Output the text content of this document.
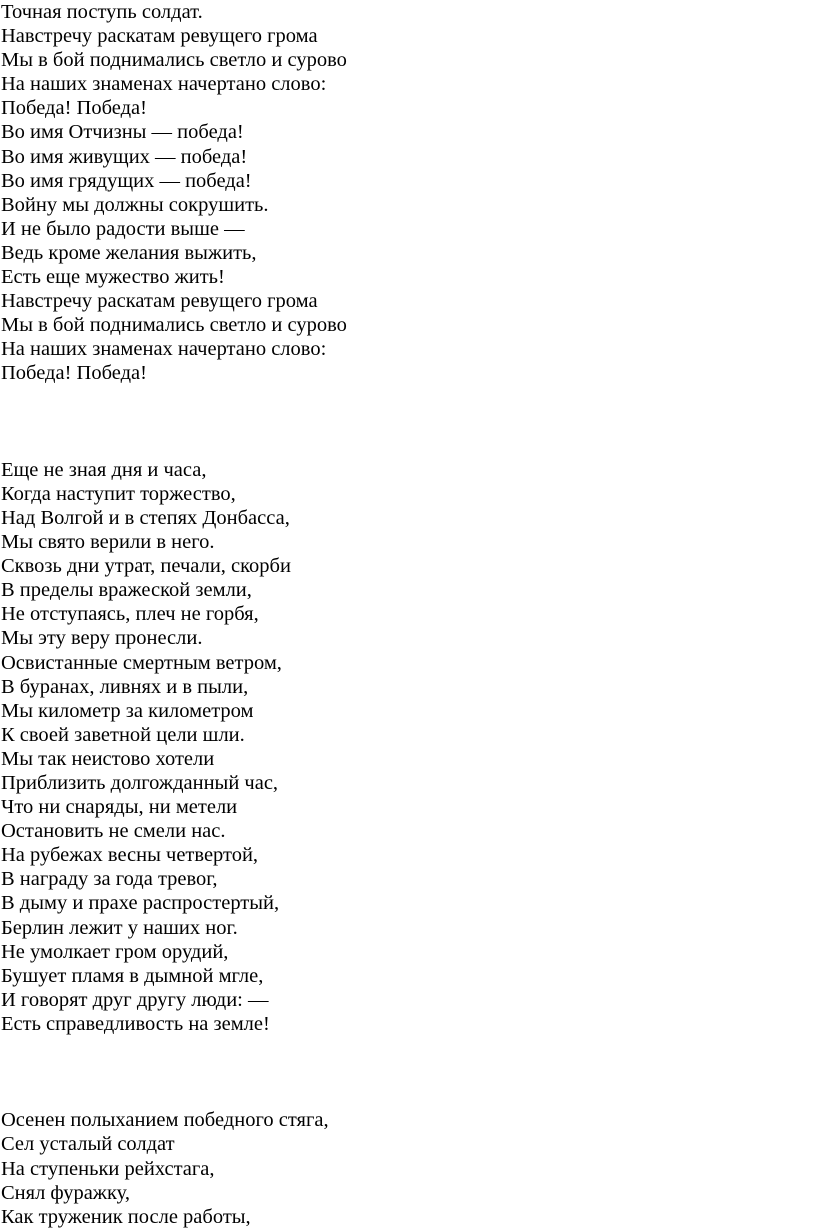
Точная поступь солдат.
Навстречу раскатам ревущего грома
Мы в бой поднимались светло и сурово
На наших знаменах начертано слово:
Победа! Победа!
Во имя Отчизны — победа!
Во имя живущих — победа!
Во имя грядущих — победа!
Войну мы должны сокрушить.
И не было радости выше —
Ведь кроме желания выжить,
Есть еще мужество жить!
Навстречу раскатам ревущего грома
Мы в бой поднимались светло и сурово
На наших знаменах начертано слово:
Победа! Победа!
Еще не зная дня и часа,
Когда наступит торжество,
Над Волгой и в степях Донбасса,
Мы свято верили в него.
Сквозь дни утрат, печали, скорби
В пределы вражеской земли,
Не отступаясь, плеч не горбя,
Мы эту веру пронесли.
Освистанные смертным ветром,
В буранах, ливнях и в пыли,
Мы километр за километром
К своей заветной цели шли.
Мы так неистово хотели
Приблизить долгожданный час,
Что ни снаряды, ни метели
Остановить не смели нас.
На рубежах весны четвертой,
В награду за года тревог,
В дыму и прахе распростертый,
Берлин лежит у наших ног.
Не умолкает гром орудий,
Бушует пламя в дымной мгле,
И говорят друг другу люди: —
Есть справедливость на земле!
Осенен полыханием победного стяга,
Сел усталый солдат
На ступеньки рейхстага,
Снял фуражку,
Как труженик после работы,
